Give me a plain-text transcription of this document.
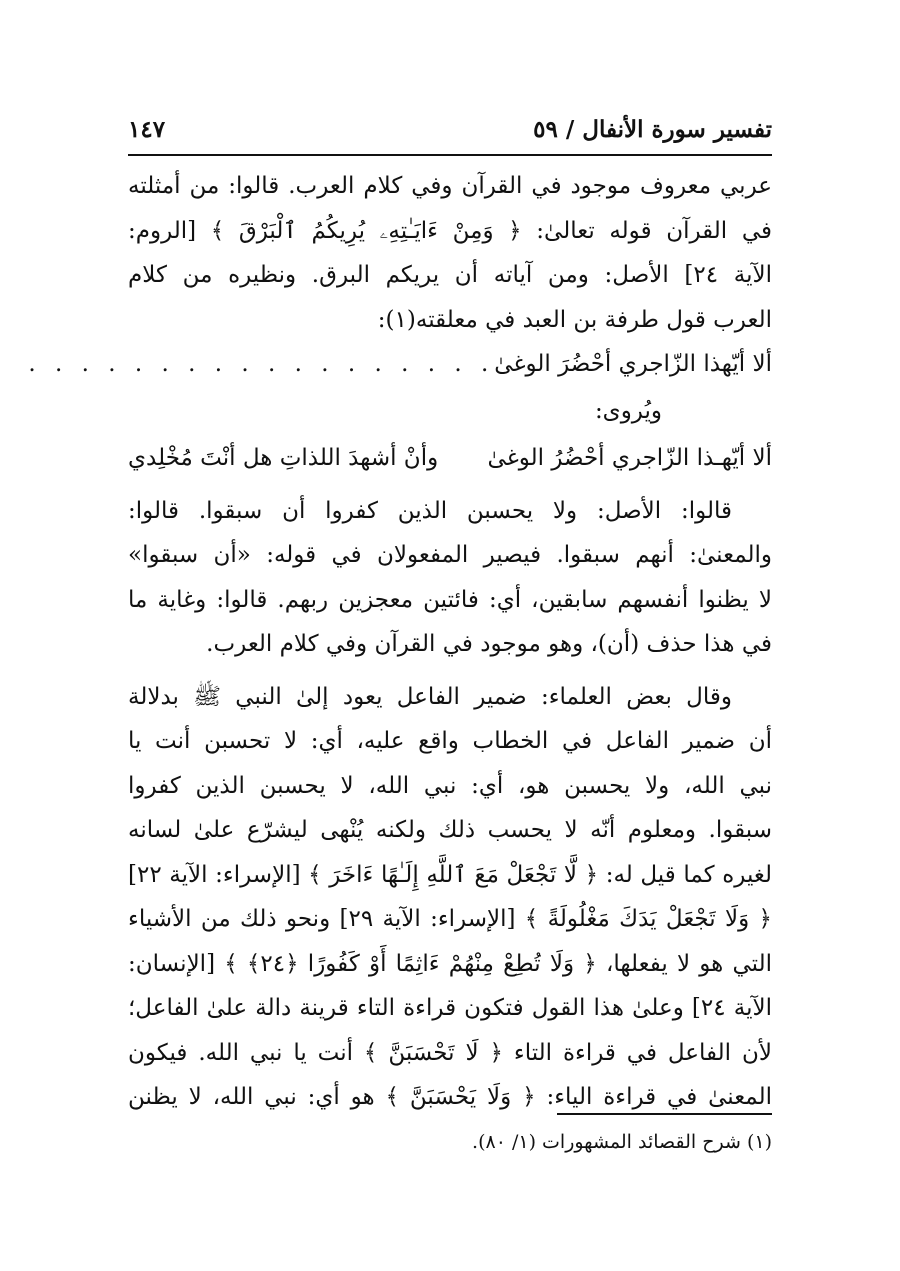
تفسير سورة الأنفال / ٥٩
١٤٧
عربي معروف موجود في القرآن وفي كلام العرب. قالوا: من أمثلته
في القرآن قوله تعالىٰ: ﴿ وَمِنْ ءَايَـٰتِهِۦ يُرِيكُمُ ٱلْبَرْقَ ﴾ [الروم:
الآية ٢٤] الأصل: ومن آياته أن يريكم البرق. ونظيره من كلام
العرب قول طرفة بن العبد في معلقته(١):
ألا أيّهذا الزّاجري أحْضُرَ الوغىٰ
. . . . . . . . . . . . . . . . . .
ويُروى:
ألا أيّهـذا الزّاجري أحْضُرُ الوغىٰ
وأنْ أشهدَ اللذاتِ هل أنْتَ مُخْلِدي
قالوا: الأصل: ولا يحسبن الذين كفروا أن سبقوا. قالوا:
والمعنىٰ: أنهم سبقوا. فيصير المفعولان في قوله: «أن سبقوا»
لا يظنوا أنفسهم سابقين، أي: فائتين معجزين ربهم. قالوا: وغاية ما
في هذا حذف (أن)، وهو موجود في القرآن وفي كلام العرب.
وقال بعض العلماء: ضمير الفاعل يعود إلىٰ النبي ﷺ بدلالة
أن ضمير الفاعل في الخطاب واقع عليه، أي: لا تحسبن أنت يا
نبي الله، ولا يحسبن هو، أي: نبي الله، لا يحسبن الذين كفروا
سبقوا. ومعلوم أنّه لا يحسب ذلك ولكنه يُنْهى ليشرّع علىٰ لسانه
لغيره كما قيل له: ﴿ لَّا تَجْعَلْ مَعَ ٱللَّهِ إِلَـٰهًا ءَاخَرَ ﴾ [الإسراء: الآية ٢٢]
﴿ وَلَا تَجْعَلْ يَدَكَ مَغْلُولَةً ﴾ [الإسراء: الآية ٢٩] ونحو ذلك من الأشياء
التي هو لا يفعلها، ﴿ وَلَا تُطِعْ مِنْهُمْ ءَاثِمًا أَوْ كَفُورًا ﴿٢٤﴾ ﴾ [الإنسان:
الآية ٢٤] وعلىٰ هذا القول فتكون قراءة التاء قرينة دالة علىٰ الفاعل؛
لأن الفاعل في قراءة التاء ﴿ لَا تَحْسَبَنَّ ﴾ أنت يا نبي الله. فيكون
المعنىٰ في قراءة الياء: ﴿ وَلَا يَحْسَبَنَّ ﴾ هو أي: نبي الله، لا يظنن
(١) شرح القصائد المشهورات (١/ ٨٠).
